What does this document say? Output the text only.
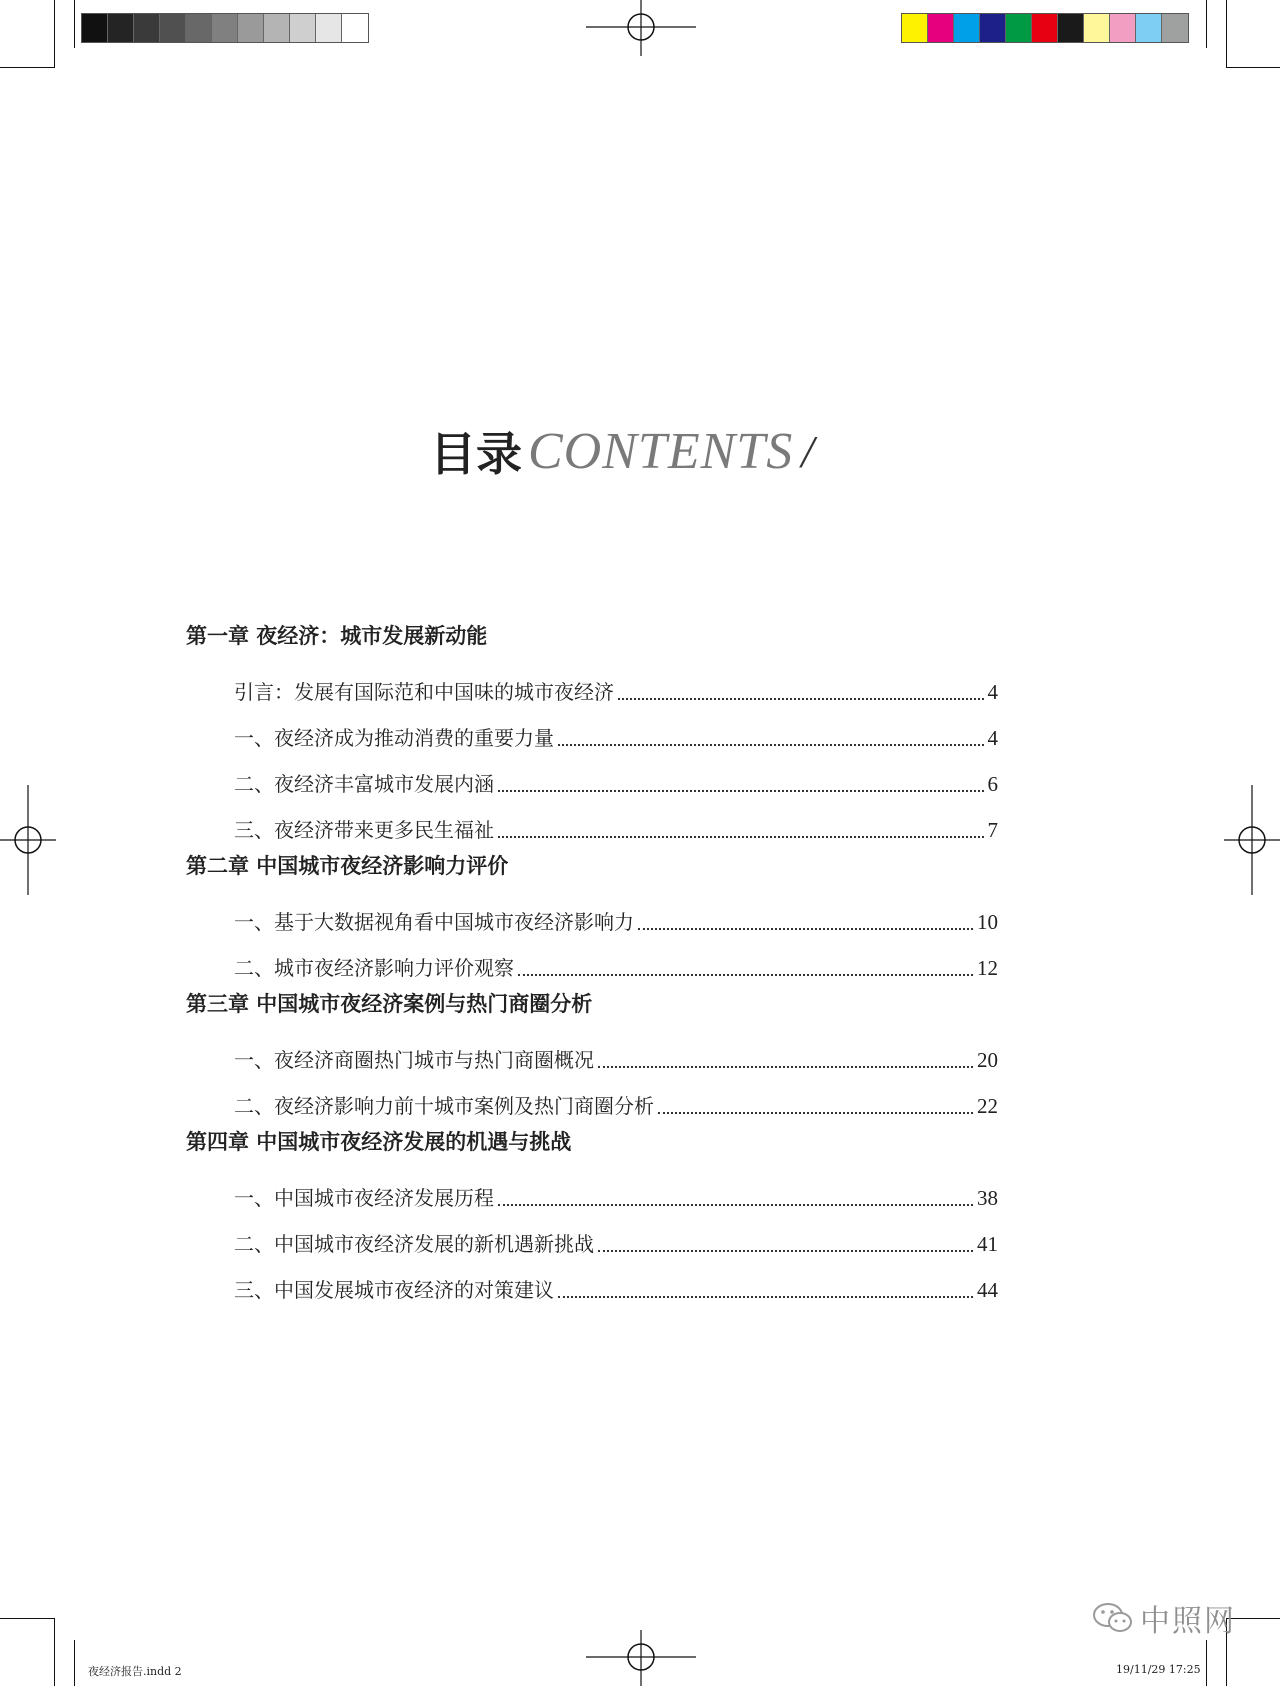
目录 CONTENTS /
第一章 夜经济：城市发展新动能
引言：发展有国际范和中国味的城市夜经济	4
一、夜经济成为推动消费的重要力量	4
二、夜经济丰富城市发展内涵	6
三、夜经济带来更多民生福祉	7
第二章 中国城市夜经济影响力评价
一、基于大数据视角看中国城市夜经济影响力	10
二、城市夜经济影响力评价观察	12
第三章 中国城市夜经济案例与热门商圈分析
一、夜经济商圈热门城市与热门商圈概况	20
二、夜经济影响力前十城市案例及热门商圈分析	22
第四章 中国城市夜经济发展的机遇与挑战
一、中国城市夜经济发展历程	38
二、中国城市夜经济发展的新机遇新挑战	41
三、中国发展城市夜经济的对策建议	44
夜经济报告.indd 2	19/11/29 17:25
中照网
